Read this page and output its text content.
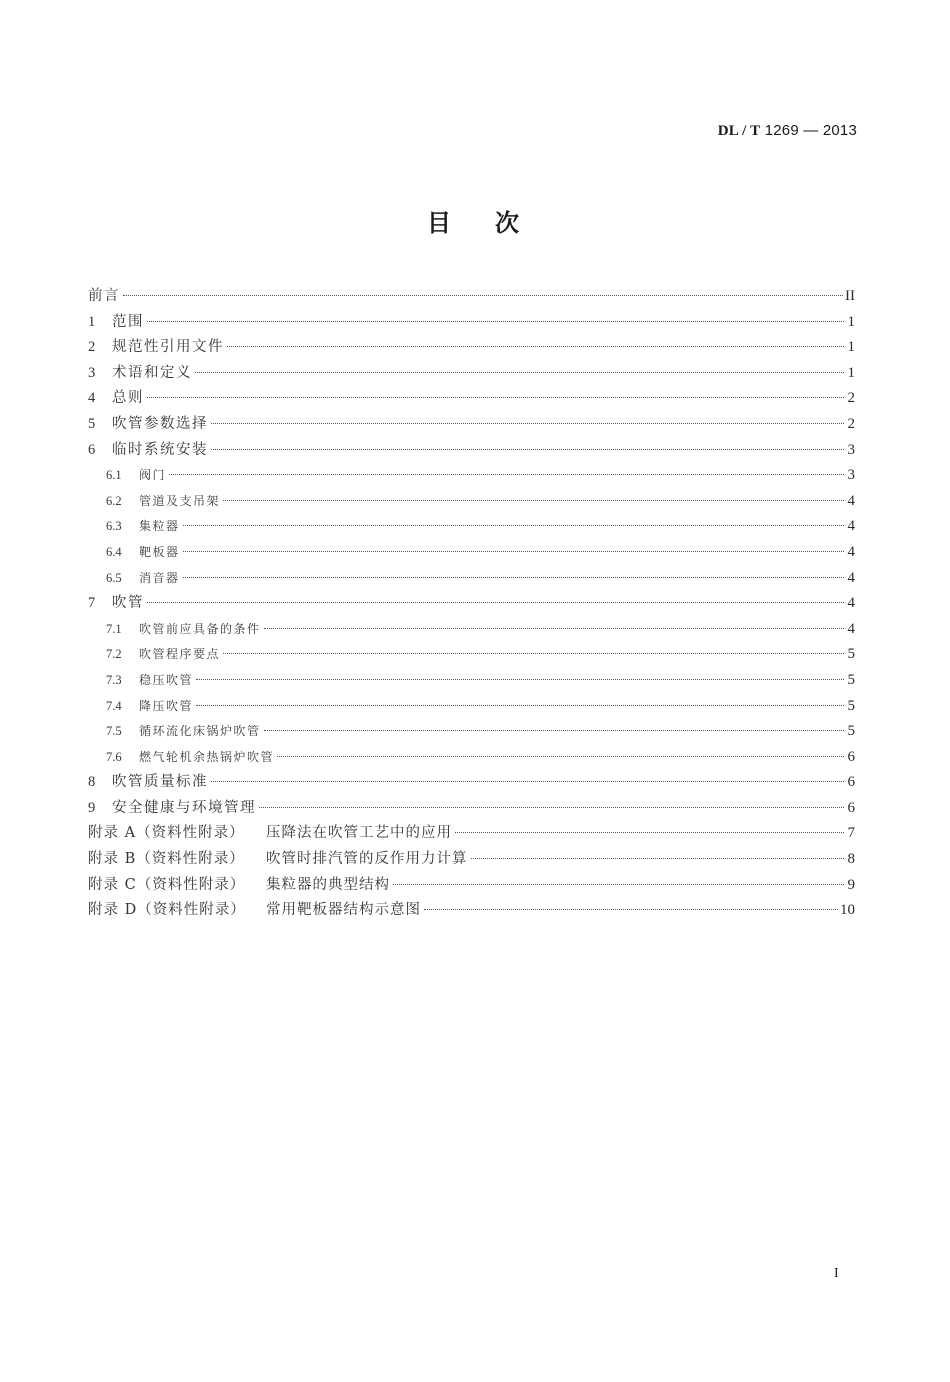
DL / T 1269 — 2013
目次
前言	II
1	范围	1
2	规范性引用文件	1
3	术语和定义	1
4	总则	2
5	吹管参数选择	2
6	临时系统安装	3
6.1	阀门	3
6.2	管道及支吊架	4
6.3	集粒器	4
6.4	靶板器	4
6.5	消音器	4
7	吹管	4
7.1	吹管前应具备的条件	4
7.2	吹管程序要点	5
7.3	稳压吹管	5
7.4	降压吹管	5
7.5	循环流化床锅炉吹管	5
7.6	燃气轮机余热锅炉吹管	6
8	吹管质量标准	6
9	安全健康与环境管理	6
附录 A（资料性附录）	压降法在吹管工艺中的应用	7
附录 B（资料性附录）	吹管时排汽管的反作用力计算	8
附录 C（资料性附录）	集粒器的典型结构	9
附录 D（资料性附录）	常用靶板器结构示意图	10
I
